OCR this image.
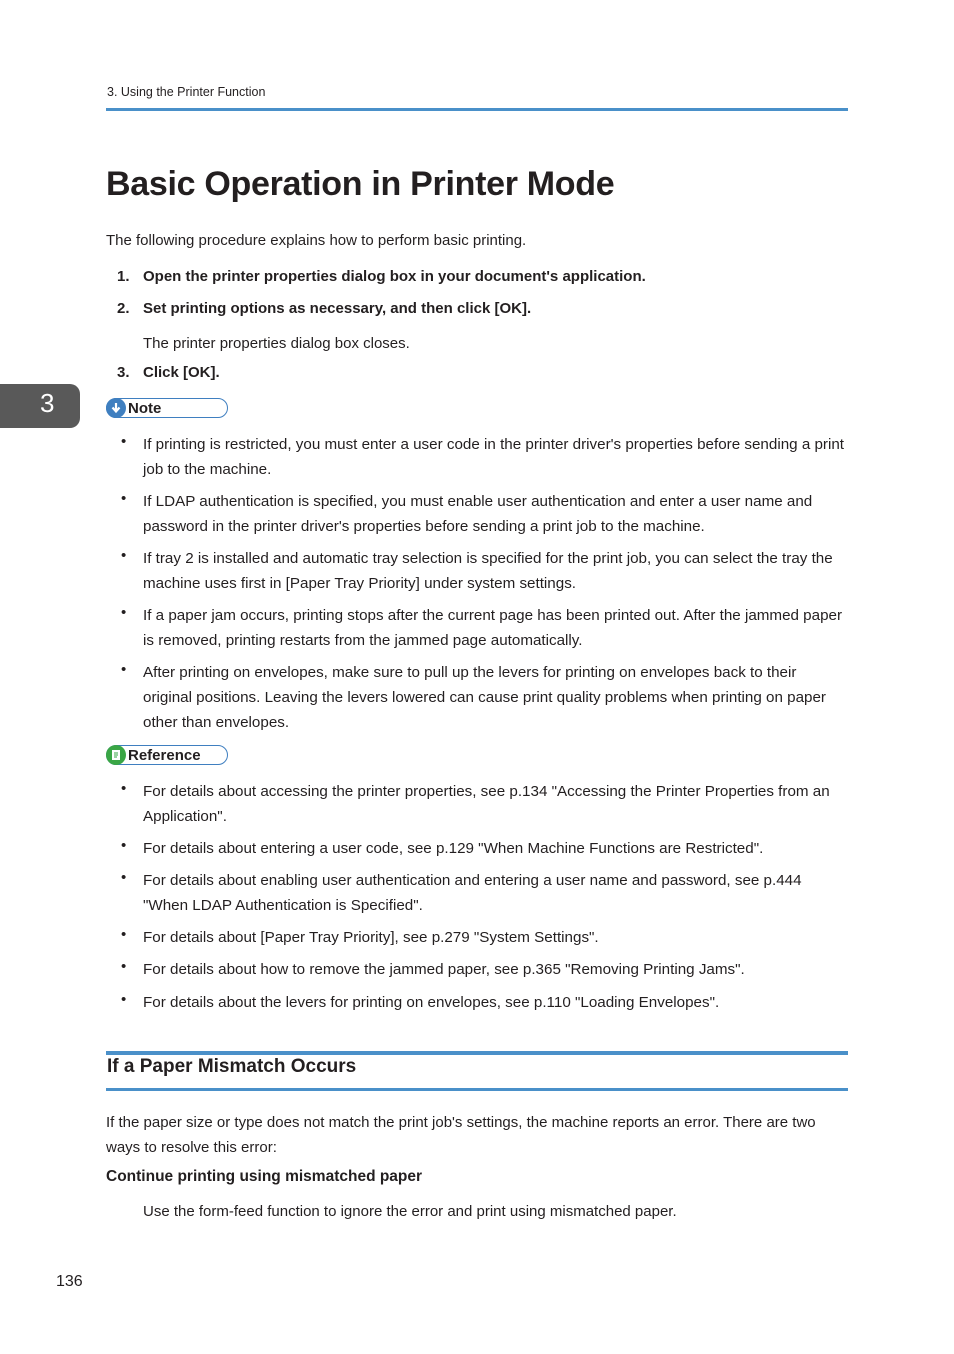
3. Using the Printer Function
3
Basic Operation in Printer Mode
The following procedure explains how to perform basic printing.
1. Open the printer properties dialog box in your document's application.
2. Set printing options as necessary, and then click [OK].
The printer properties dialog box closes.
3. Click [OK].
Note
• If printing is restricted, you must enter a user code in the printer driver's properties before sending a print job to the machine.
• If LDAP authentication is specified, you must enable user authentication and enter a user name and password in the printer driver's properties before sending a print job to the machine.
• If tray 2 is installed and automatic tray selection is specified for the print job, you can select the tray the machine uses first in [Paper Tray Priority] under system settings.
• If a paper jam occurs, printing stops after the current page has been printed out. After the jammed paper is removed, printing restarts from the jammed page automatically.
• After printing on envelopes, make sure to pull up the levers for printing on envelopes back to their original positions. Leaving the levers lowered can cause print quality problems when printing on paper other than envelopes.
Reference
• For details about accessing the printer properties, see p.134 "Accessing the Printer Properties from an Application".
• For details about entering a user code, see p.129 "When Machine Functions are Restricted".
• For details about enabling user authentication and entering a user name and password, see p.444 "When LDAP Authentication is Specified".
• For details about [Paper Tray Priority], see p.279 "System Settings".
• For details about how to remove the jammed paper, see p.365 "Removing Printing Jams".
• For details about the levers for printing on envelopes, see p.110 "Loading Envelopes".
If a Paper Mismatch Occurs
If the paper size or type does not match the print job's settings, the machine reports an error. There are two ways to resolve this error:
Continue printing using mismatched paper
Use the form-feed function to ignore the error and print using mismatched paper.
136
